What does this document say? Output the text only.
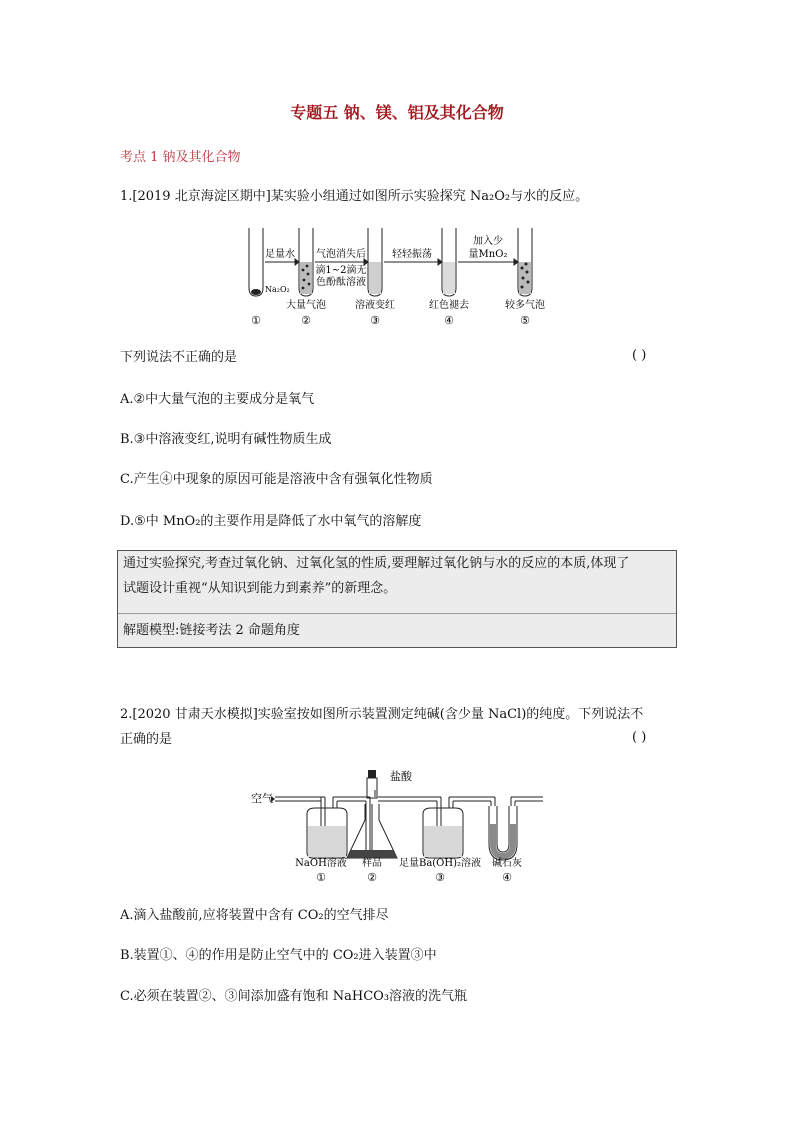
专题五 钠、镁、铝及其化合物
考点 1 钠及其化合物
1.[2019 北京海淀区期中]某实验小组通过如图所示实验探究 Na₂O₂与水的反应。
足量水 气泡消失后
滴1~2滴无
色酚酞溶液
轻轻振荡
加入少
量MnO₂
Na₂O₂
大量气泡	溶液变红	红色褪去	较多气泡
①	②	③	④	⑤
下列说法不正确的是	( )
A.②中大量气泡的主要成分是氧气
B.③中溶液变红,说明有碱性物质生成
C.产生④中现象的原因可能是溶液中含有强氧化性物质
D.⑤中 MnO₂的主要作用是降低了水中氧气的溶解度
通过实验探究,考查过氧化钠、过氧化氢的性质,要理解过氧化钠与水的反应的本质,体现了
试题设计重视“从知识到能力到素养”的新理念。
解题模型:链接考法 2 命题角度
2.[2020 甘肃天水模拟]实验室按如图所示装置测定纯碱(含少量 NaCl)的纯度。下列说法不
正确的是	( )
空气
盐酸
NaOH溶液 样品 足量Ba(OH)₂溶液 碱石灰
①	②	③	④
A.滴入盐酸前,应将装置中含有 CO₂的空气排尽
B.装置①、④的作用是防止空气中的 CO₂进入装置③中
C.必须在装置②、③间添加盛有饱和 NaHCO₃溶液的洗气瓶
